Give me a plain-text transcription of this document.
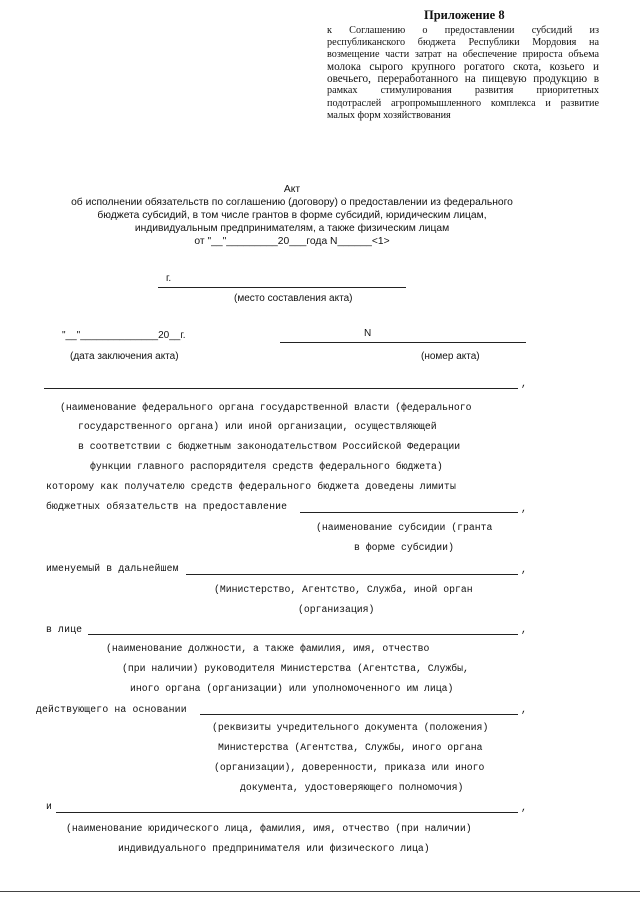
Приложение 8
к Соглашению о предоставлении субсидий из
республиканского бюджета Республики Мордовия на
возмещение части затрат на обеспечение прироста объема
молока сырого крупного рогатого скота, козьего и
овечьего, переработанного на пищевую продукцию в
рамках стимулирования развития приоритетных
подотраслей агропромышленного комплекса и развитие
малых форм хозяйствования
Акт
об исполнении обязательств по соглашению (договору) о предоставлении из федерального
бюджета субсидий, в том числе грантов в форме субсидий, юридическим лицам,
индивидуальным предпринимателям, а также физическим лицам
от "__"_________20___года N______<1>
г.
(место составления акта)
"__"______________20__г.	N
(дата заключения акта)	(номер акта)
,
(наименование федерального органа государственной власти (федерального
государственного органа) или иной организации, осуществляющей
в соответствии с бюджетным законодательством Российской Федерации
функции главного распорядителя средств федерального бюджета)
которому как получателю средств федерального бюджета доведены лимиты
бюджетных обязательств на предоставление	,
(наименование субсидии (гранта
в форме субсидии)
именуемый в дальнейшем	,
(Министерство, Агентство, Служба, иной орган
(организация)
в лице	,
(наименование должности, а также фамилия, имя, отчество
(при наличии) руководителя Министерства (Агентства, Службы,
иного органа (организации) или уполномоченного им лица)
действующего на основании	,
(реквизиты учредительного документа (положения)
Министерства (Агентства, Службы, иного органа
(организации), доверенности, приказа или иного
документа, удостоверяющего полномочия)
и	,
(наименование юридического лица, фамилия, имя, отчество (при наличии)
индивидуального предпринимателя или физического лица)
